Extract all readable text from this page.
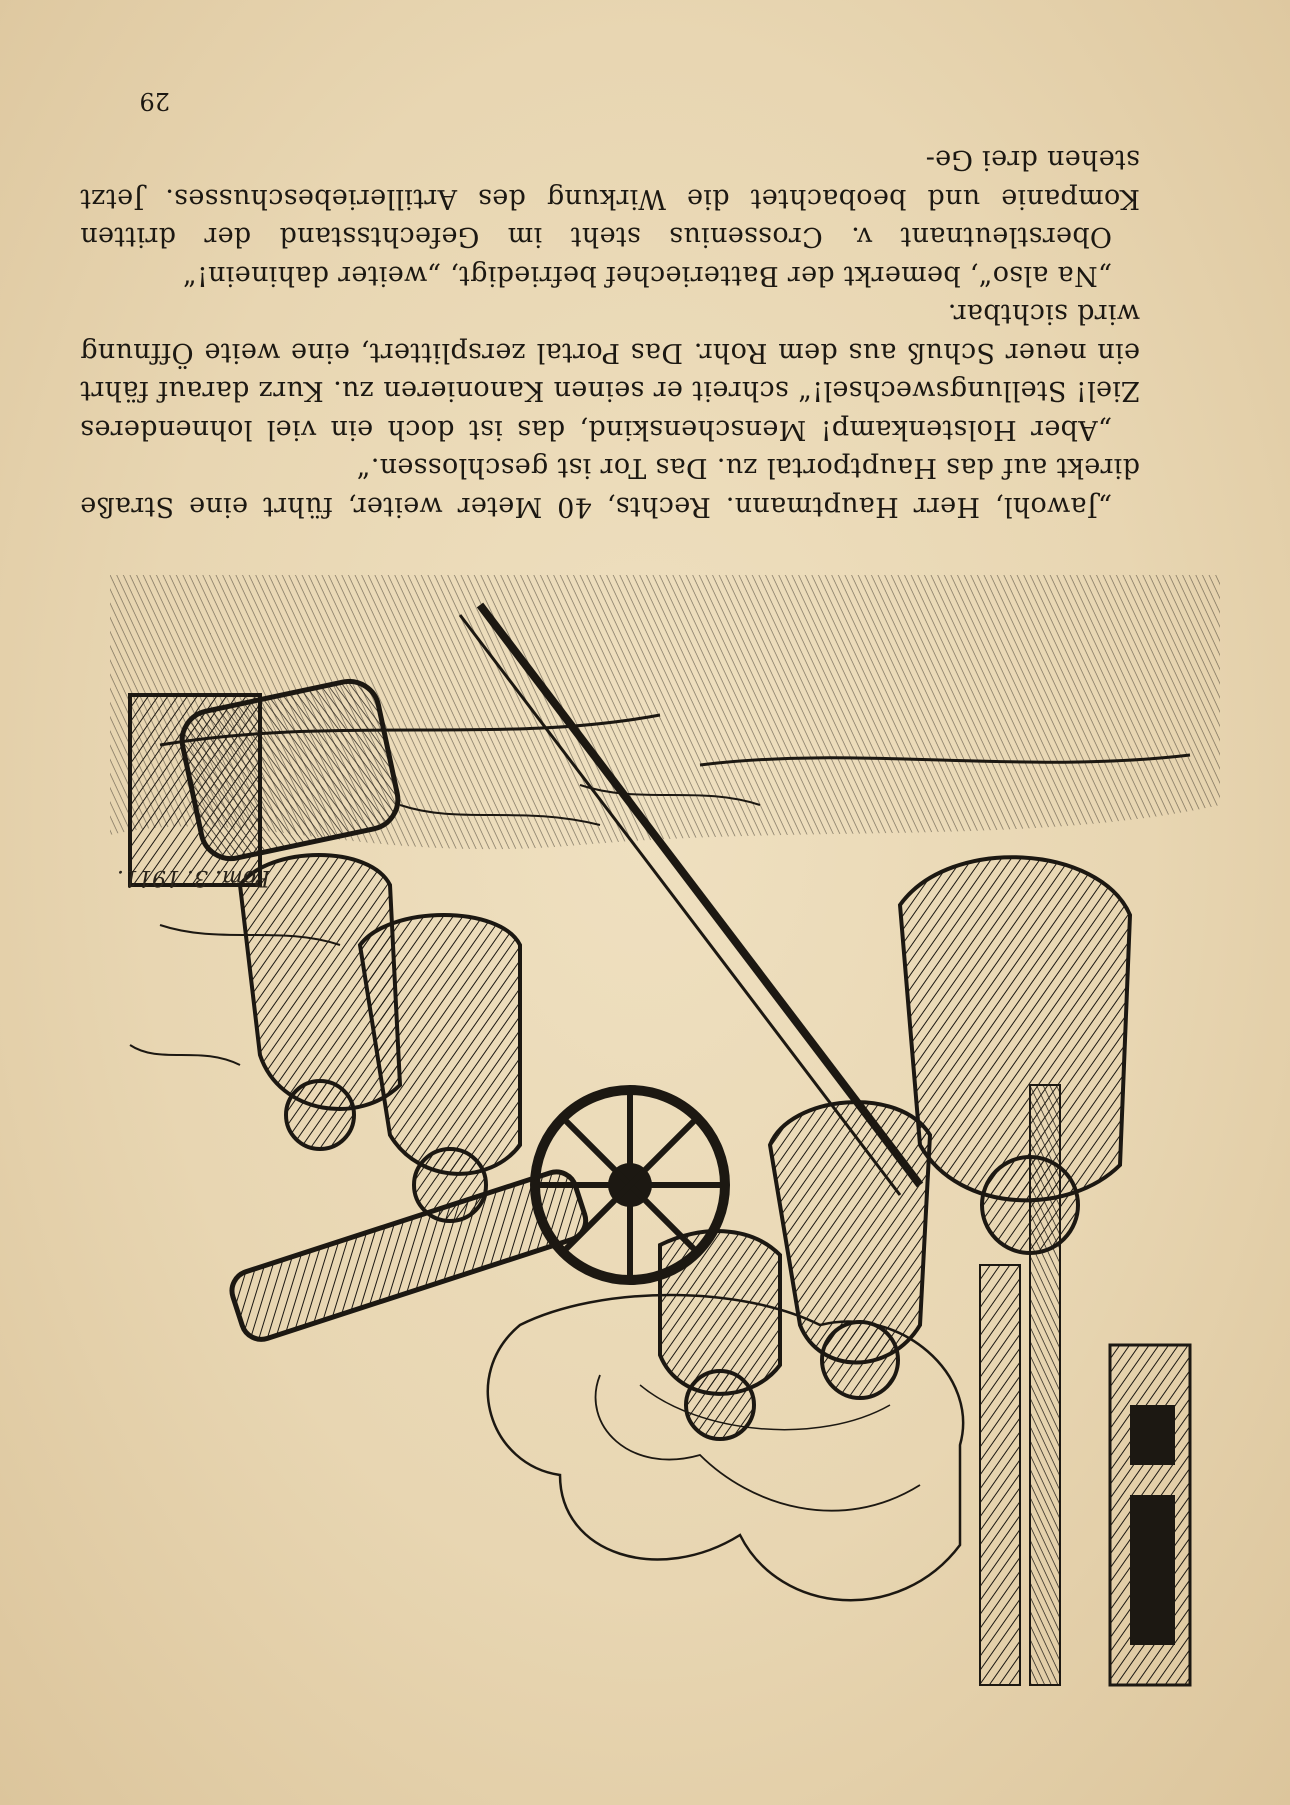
Pom. 3. 1911.

„Jawohl, Herr Hauptmann. Rechts, 40 Meter weiter, führt eine Straße direkt auf das Hauptportal zu. Das Tor ist geschlossen.“

„Aber Holstenkamp! Menschenskind, das ist doch ein viel lohnenderes Ziel! Stellungswechsel!“ schreit er seinen Kanonieren zu. Kurz darauf fährt ein neuer Schuß aus dem Rohr. Das Portal zersplittert, eine weite Öffnung wird sichtbar.

„Na also“, bemerkt der Batteriechef befriedigt, „weiter dahinein!“

Oberstleutnant v. Crossenius steht im Gefechtsstand der dritten Kompanie und beobachtet die Wirkung des Artilleriebeschusses. Jetzt stehen drei Ge-

29
